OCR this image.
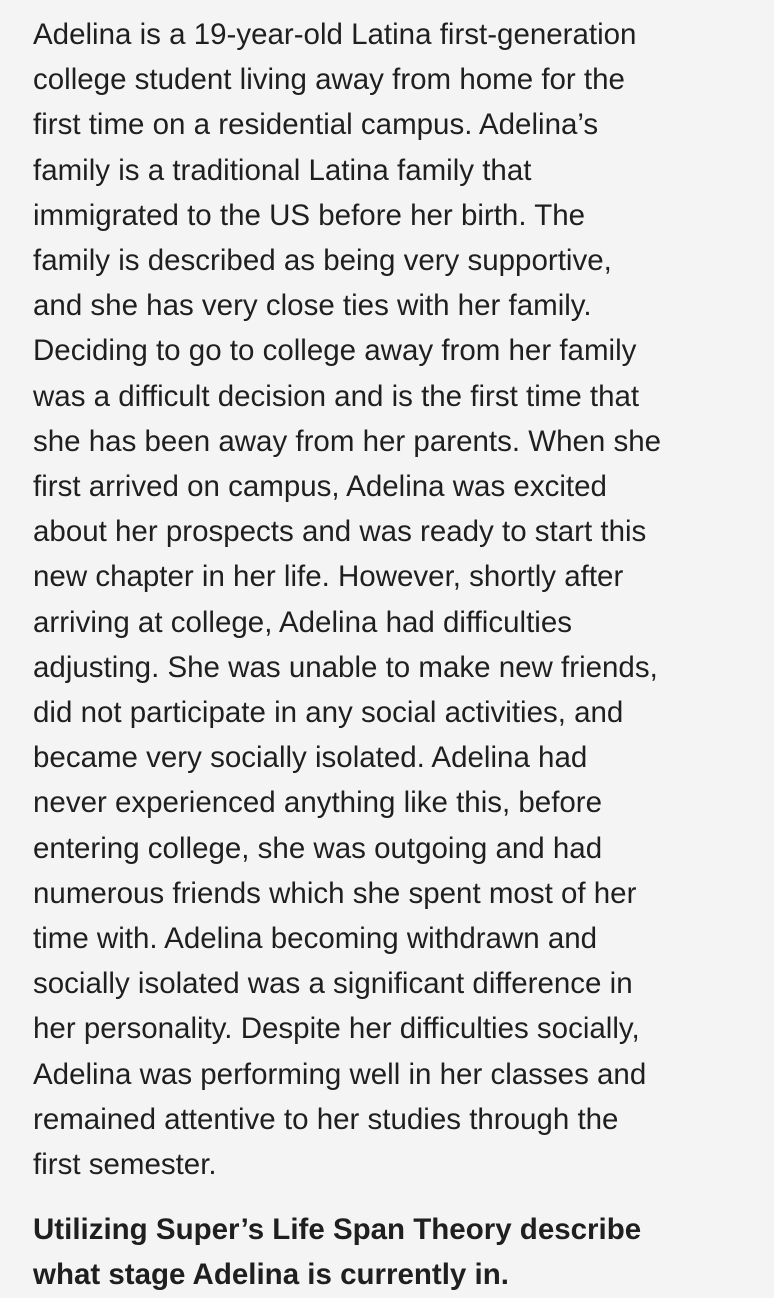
Adelina is a 19-year-old Latina first-generation
college student living away from home for the
first time on a residential campus. Adelina’s
family is a traditional Latina family that
immigrated to the US before her birth. The
family is described as being very supportive,
and she has very close ties with her family.
Deciding to go to college away from her family
was a difficult decision and is the first time that
she has been away from her parents. When she
first arrived on campus, Adelina was excited
about her prospects and was ready to start this
new chapter in her life. However, shortly after
arriving at college, Adelina had difficulties
adjusting. She was unable to make new friends,
did not participate in any social activities, and
became very socially isolated. Adelina had
never experienced anything like this, before
entering college, she was outgoing and had
numerous friends which she spent most of her
time with. Adelina becoming withdrawn and
socially isolated was a significant difference in
her personality. Despite her difficulties socially,
Adelina was performing well in her classes and
remained attentive to her studies through the
first semester.

Utilizing Super’s Life Span Theory describe
what stage Adelina is currently in.
